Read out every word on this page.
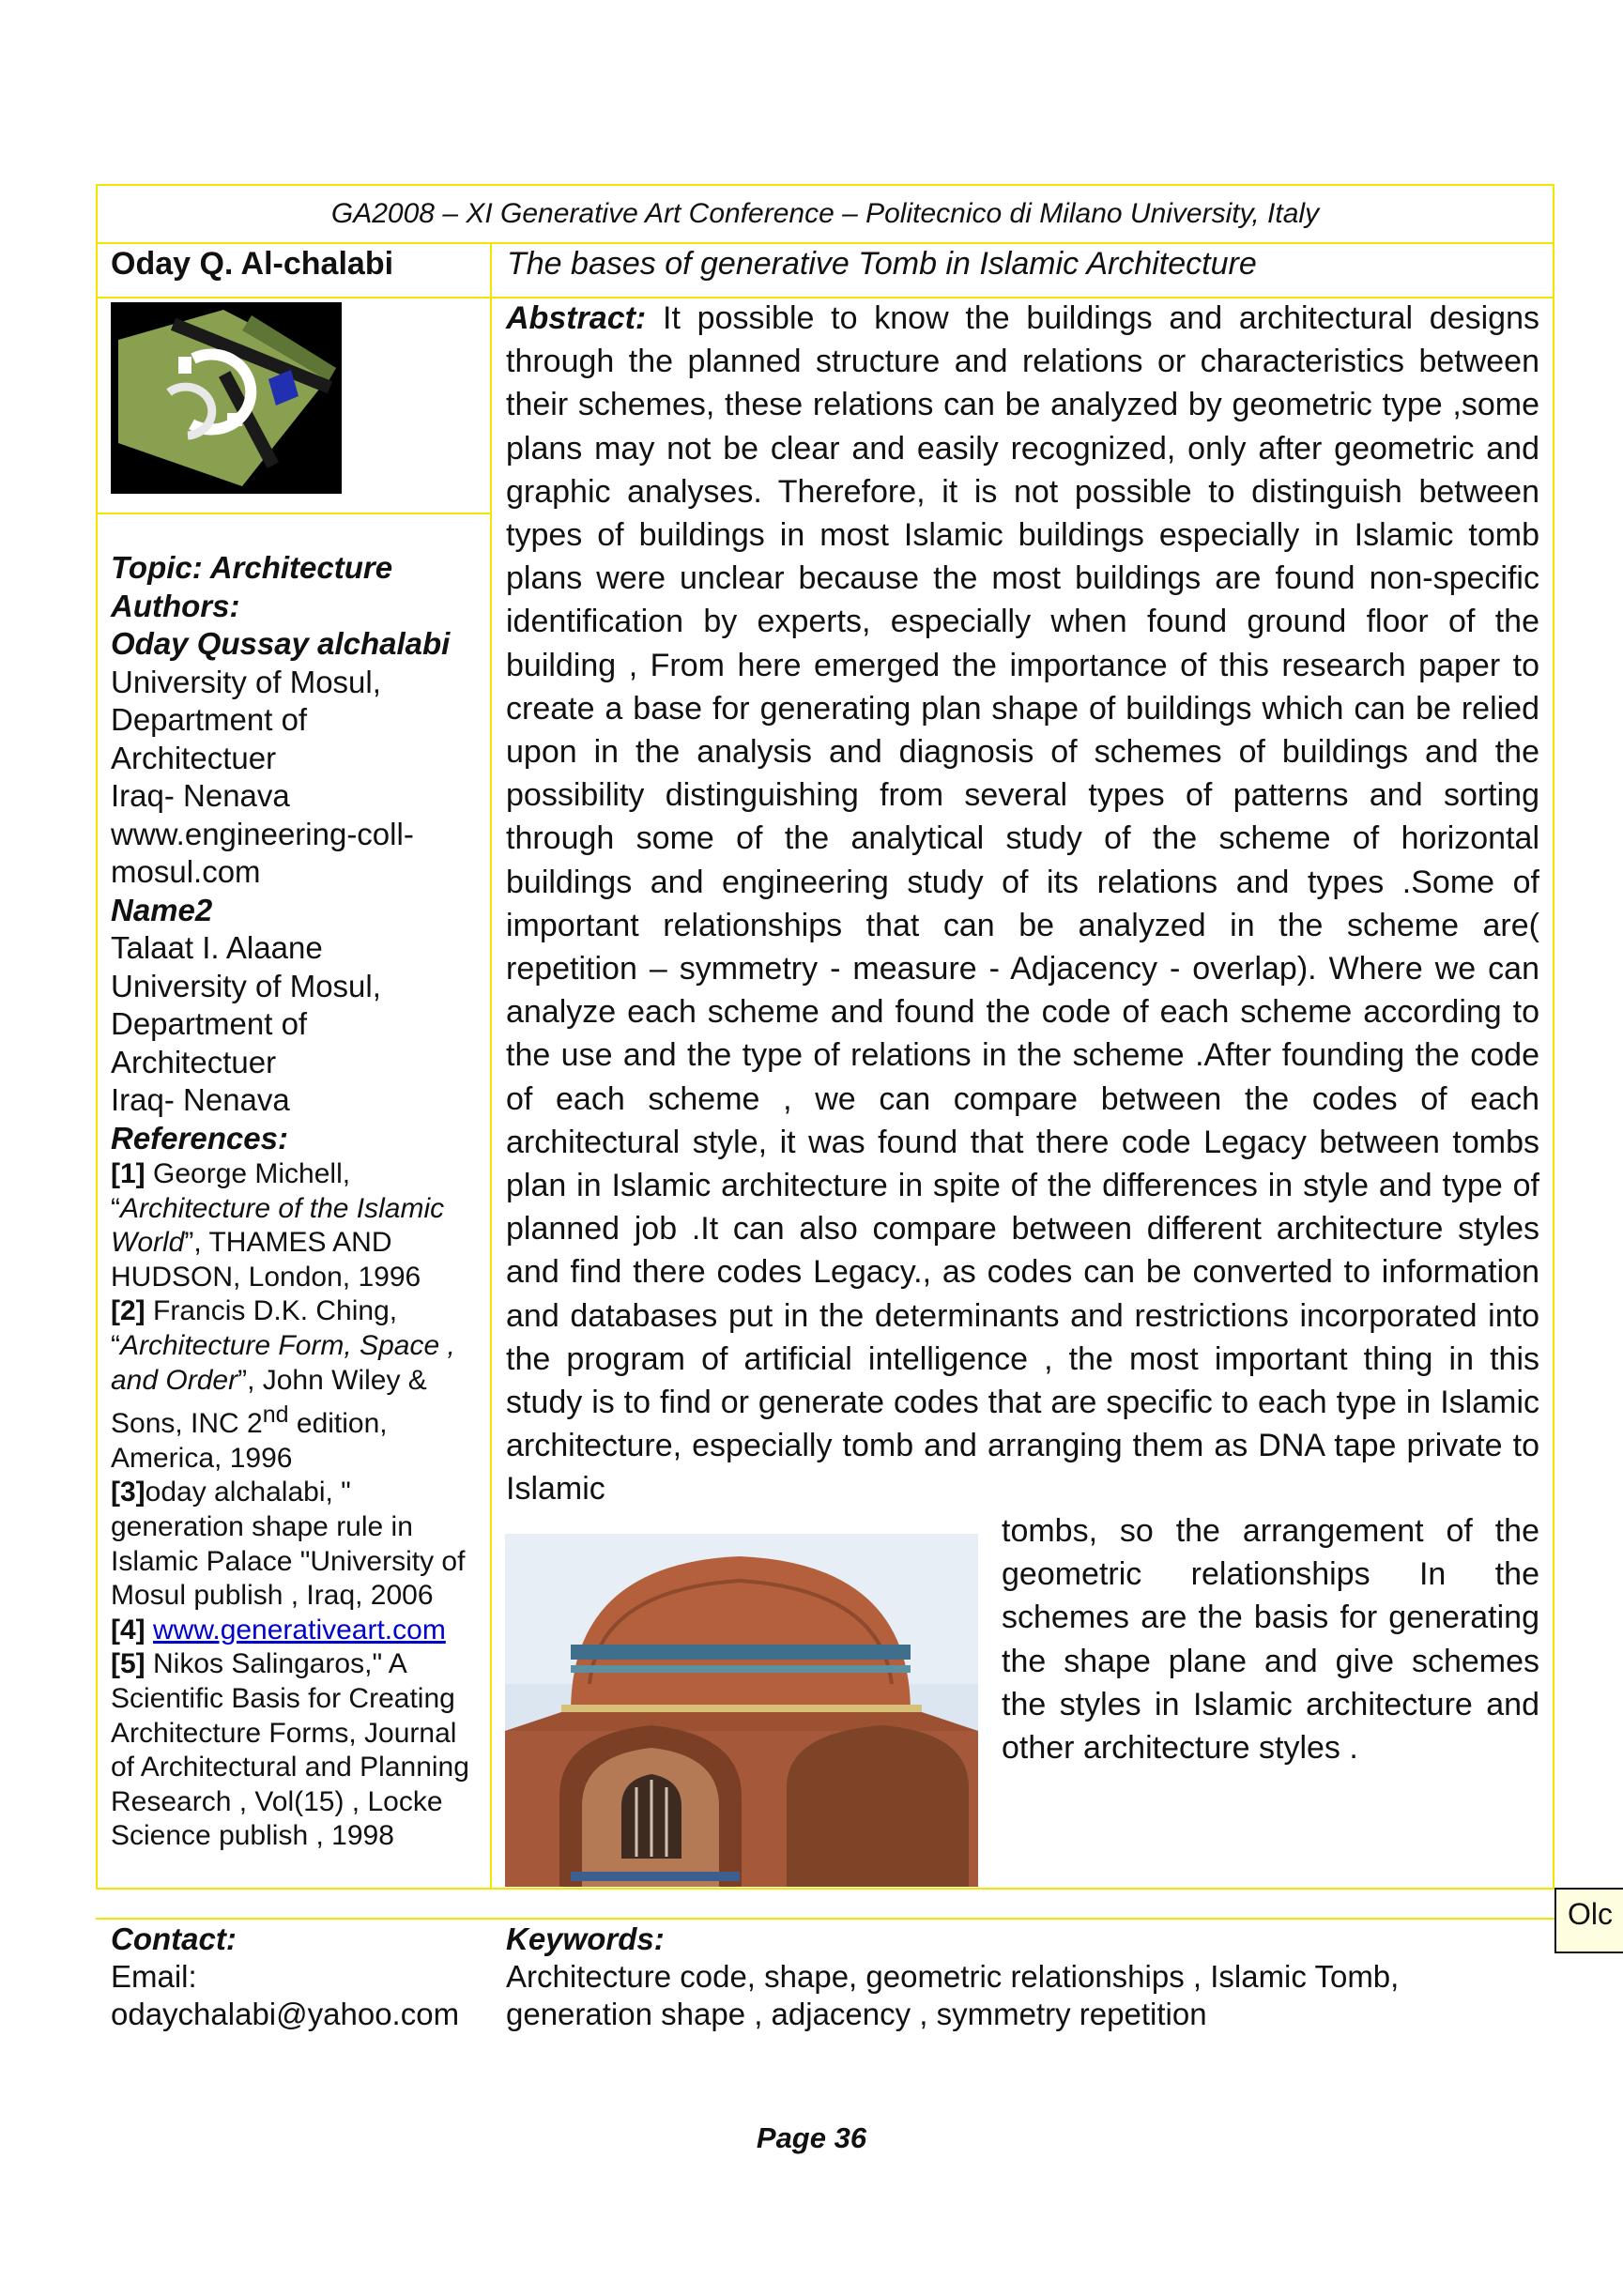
GA2008 – XI Generative Art Conference – Politecnico di Milano University, Italy
Oday Q. Al-chalabi	The bases of generative Tomb in Islamic Architecture
Abstract: It possible to know the buildings and architectural designs through the planned structure and relations or characteristics between their schemes, these relations can be analyzed by geometric type ,some plans may not be clear and easily recognized, only after geometric and graphic analyses. Therefore, it is not possible to distinguish between types of buildings in most Islamic buildings especially in Islamic tomb plans were unclear because the most buildings are found non-specific identification by experts, especially when found ground floor of the building , From here emerged the importance of this research paper to create a base for generating plan shape of buildings which can be relied upon in the analysis and diagnosis of schemes of buildings and the possibility distinguishing from several types of patterns and sorting through some of the analytical study of the scheme of horizontal buildings and engineering study of its relations and types .Some of important relationships that can be analyzed in the scheme are( repetition – symmetry - measure - Adjacency - overlap). Where we can analyze each scheme and found the code of each scheme according to the use and the type of relations in the scheme .After founding the code of each scheme , we can compare between the codes of each architectural style, it was found that there code Legacy between tombs plan in Islamic architecture in spite of the differences in style and type of planned job .It can also compare between different architecture styles and find there codes Legacy., as codes can be converted to information and databases put in the determinants and restrictions incorporated into the program of artificial intelligence , the most important thing in this study is to find or generate codes that are specific to each type in Islamic architecture, especially tomb and arranging them as DNA tape private to Islamic
tombs, so the arrangement of the geometric relationships In the schemes are the basis for generating the shape plane and give schemes the styles in Islamic architecture and other architecture styles .
Topic: Architecture
Authors:
Oday Qussay alchalabi
University of Mosul,
Department of
Architectuer
Iraq- Nenava
www.engineering-coll-
mosul.com
Name2
Talaat I. Alaane
University of Mosul,
Department of
Architectuer
Iraq- Nenava
References:
[1] George Michell, “Architecture of the Islamic World”, THAMES AND HUDSON, London, 1996
[2] Francis D.K. Ching, “Architecture Form, Space , and Order”, John Wiley & Sons, INC 2nd edition, America, 1996
[3]oday alchalabi, " generation shape rule in Islamic Palace "University of Mosul publish , Iraq, 2006
[4] www.generativeart.com
[5] Nikos Salingaros," A Scientific Basis for Creating Architecture Forms, Journal of Architectural and Planning Research , Vol(15) , Locke Science publish , 1998
Contact:
Email:
odaychalabi@yahoo.com
Keywords:
Architecture code, shape, geometric relationships , Islamic Tomb, generation shape , adjacency , symmetry repetition
Page 36
Olc
